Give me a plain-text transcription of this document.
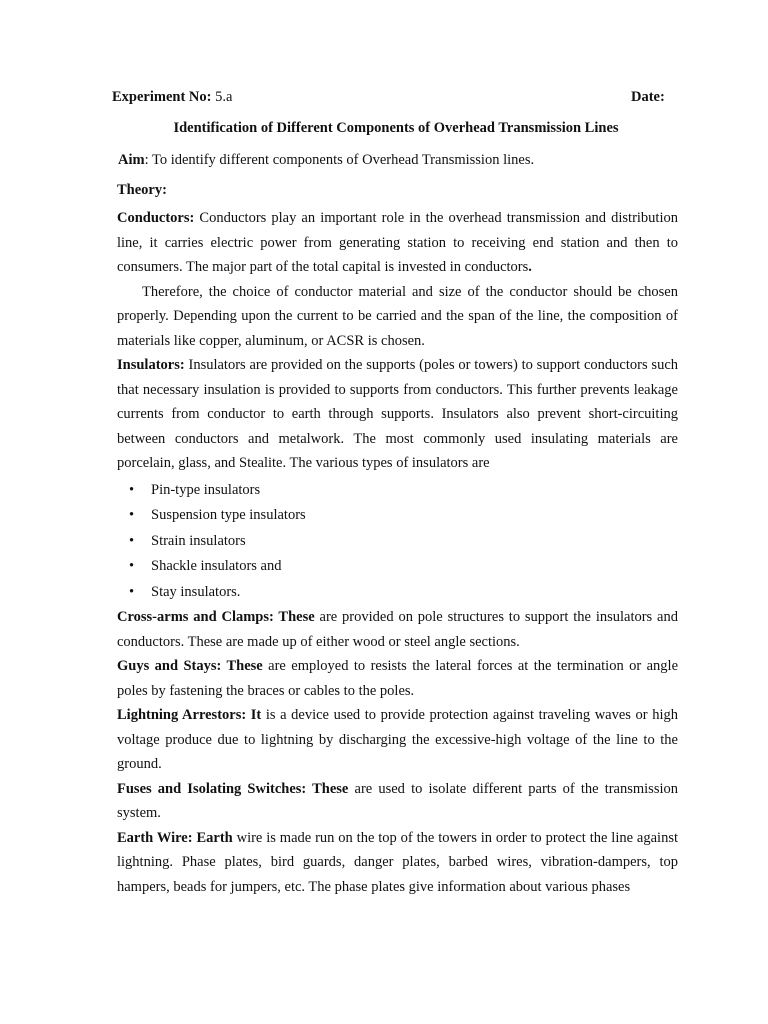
Experiment No: 5.a	Date:
Identification of Different Components of Overhead Transmission Lines

Aim: To identify different components of Overhead Transmission lines.

Theory:

Conductors: Conductors play an important role in the overhead transmission and distribution line, it carries electric power from generating station to receiving end station and then to consumers. The major part of the total capital is invested in conductors.

Therefore, the choice of conductor material and size of the conductor should be chosen properly. Depending upon the current to be carried and the span of the line, the composition of materials like copper, aluminum, or ACSR is chosen.

Insulators: Insulators are provided on the supports (poles or towers) to support conductors such that necessary insulation is provided to supports from conductors. This further prevents leakage currents from conductor to earth through supports. Insulators also prevent short-circuiting between conductors and metalwork. The most commonly used insulating materials are porcelain, glass, and Stealite. The various types of insulators are

• Pin-type insulators
• Suspension type insulators
• Strain insulators
• Shackle insulators and
• Stay insulators.

Cross-arms and Clamps: These are provided on pole structures to support the insulators and conductors. These are made up of either wood or steel angle sections.

Guys and Stays: These are employed to resists the lateral forces at the termination or angle poles by fastening the braces or cables to the poles.

Lightning Arrestors: It is a device used to provide protection against traveling waves or high voltage produce due to lightning by discharging the excessive-high voltage of the line to the ground.

Fuses and Isolating Switches: These are used to isolate different parts of the transmission system.

Earth Wire: Earth wire is made run on the top of the towers in order to protect the line against lightning. Phase plates, bird guards, danger plates, barbed wires, vibration-dampers, top hampers, beads for jumpers, etc. The phase plates give information about various phases
